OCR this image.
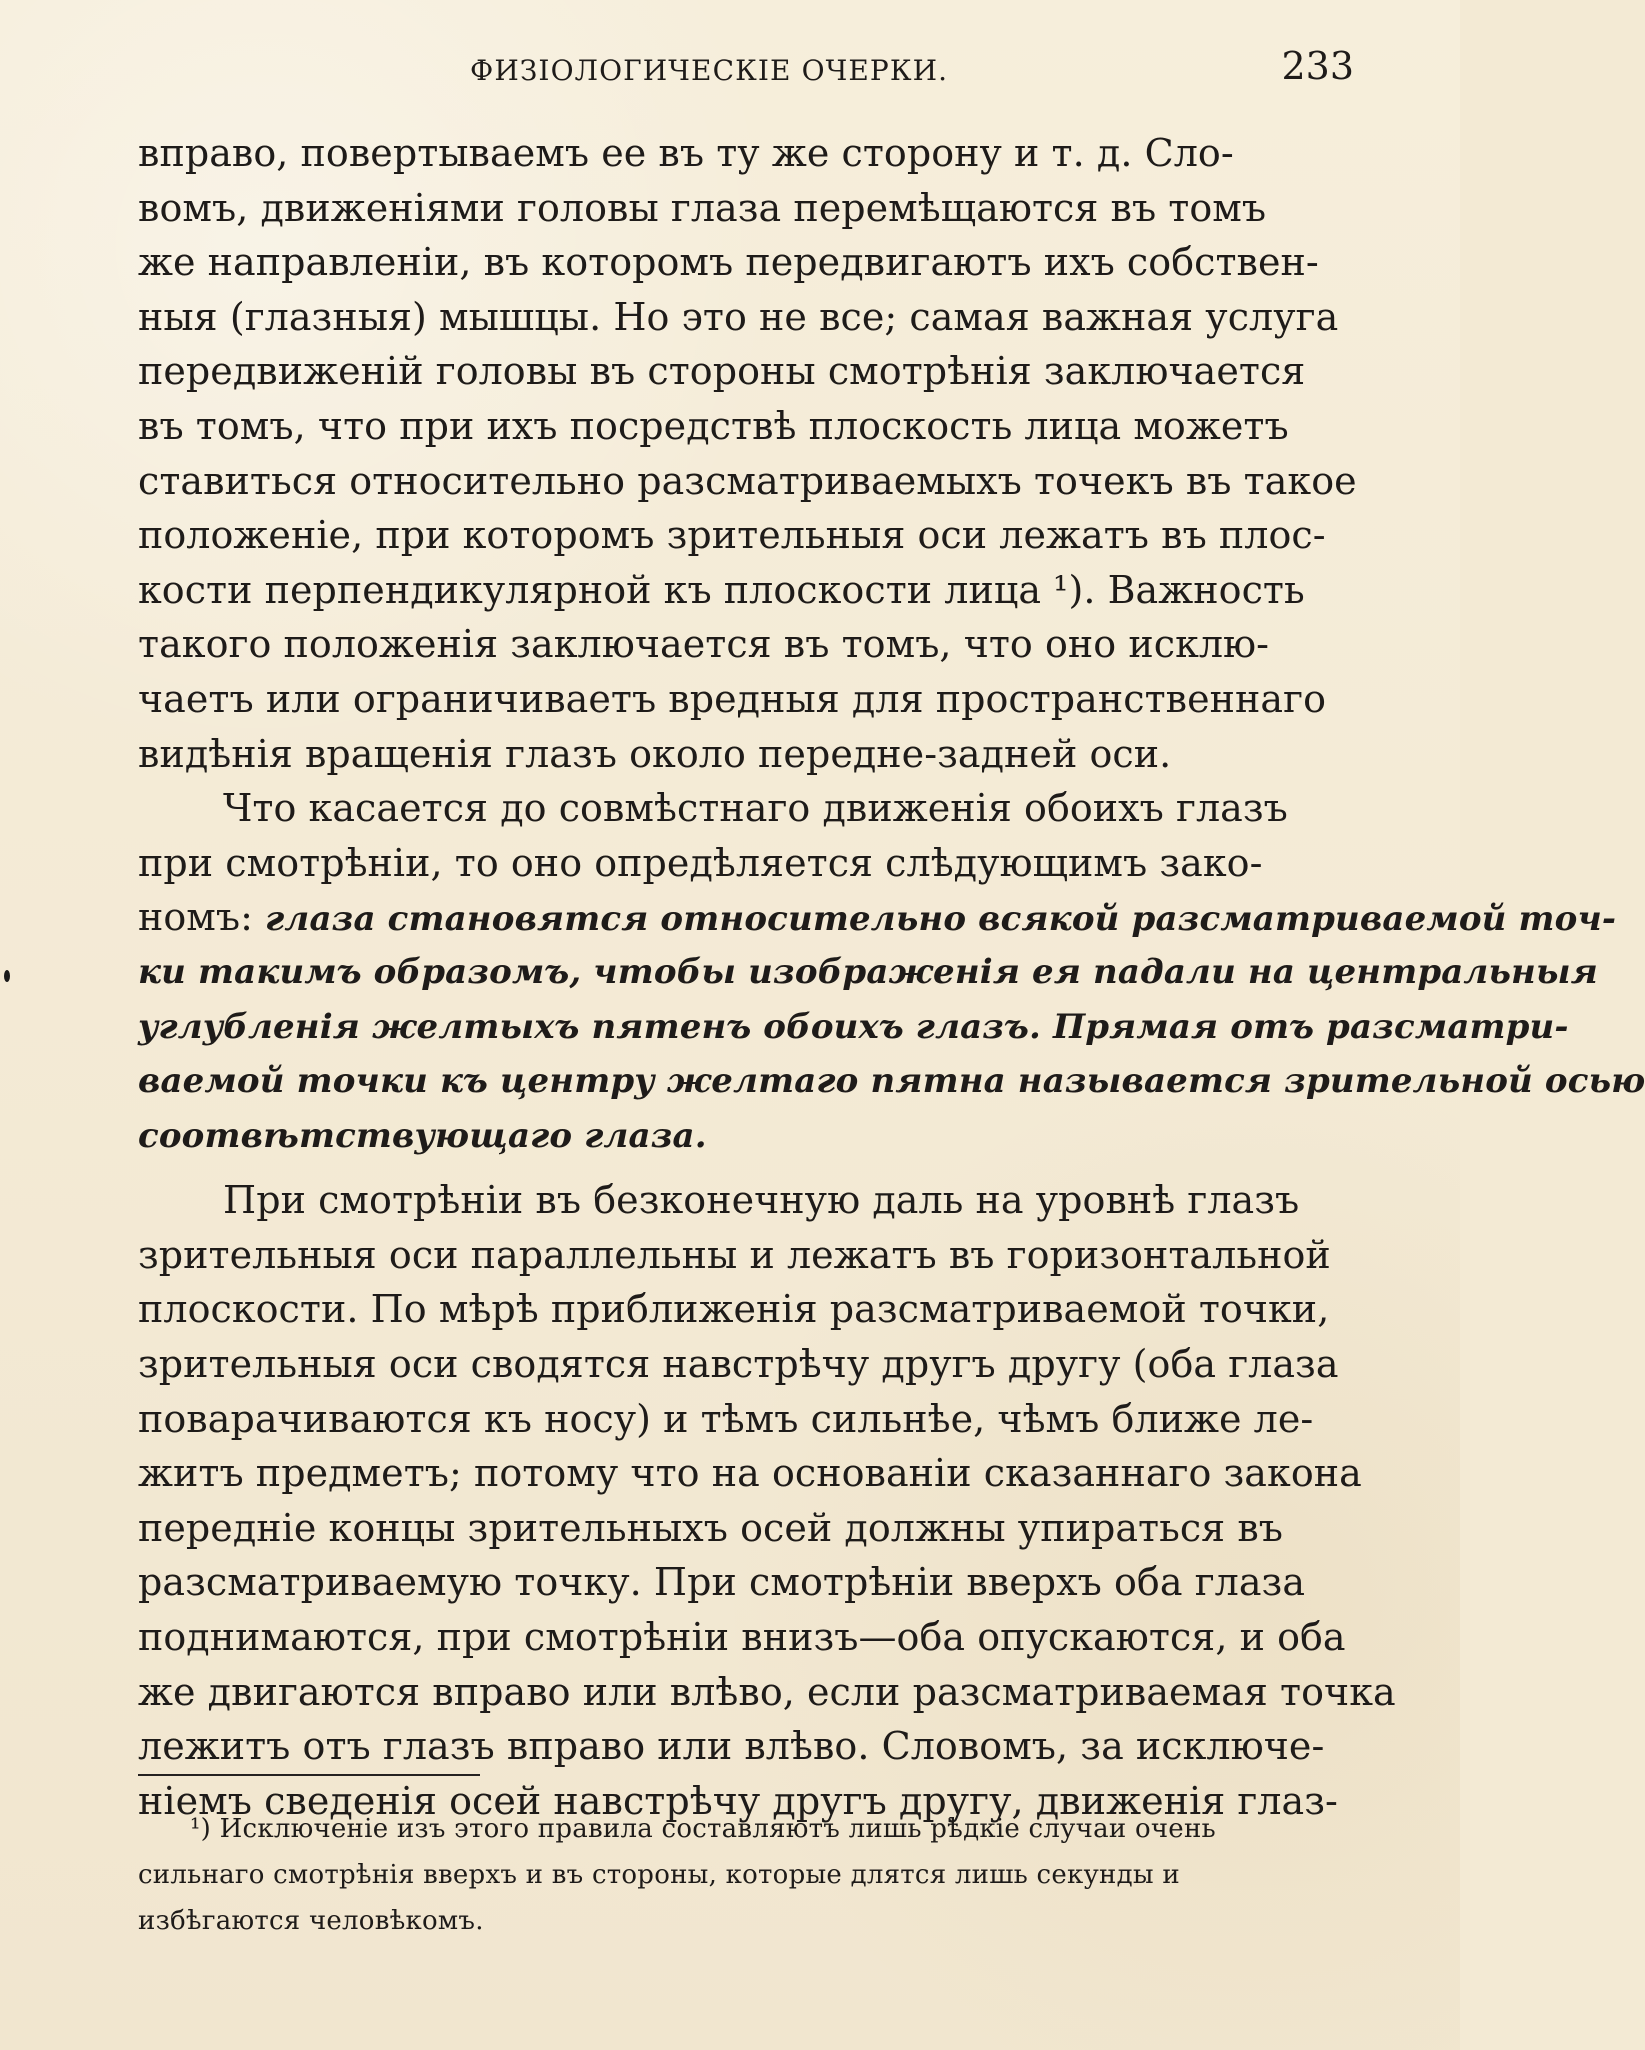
ФИЗІОЛОГИЧЕСКІЕ ОЧЕРКИ.	233
вправо, повертываемъ ее въ ту же сторону и т. д. Сло-
вомъ, движеніями головы глаза перемѣщаются въ томъ
же направленіи, въ которомъ передвигаютъ ихъ собствен-
ныя (глазныя) мышцы. Но это не все; самая важная услуга
передвиженій головы въ стороны смотрѣнія заключается
въ томъ, что при ихъ посредствѣ плоскость лица можетъ
ставиться относительно разсматриваемыхъ точекъ въ такое
положеніе, при которомъ зрительныя оси лежатъ въ плос-
кости перпендикулярной къ плоскости лица ¹). Важность
такого положенія заключается въ томъ, что оно исклю-
чаетъ или ограничиваетъ вредныя для пространственнаго
видѣнія вращенія глазъ около передне-задней оси.
Что касается до совмѣстнаго движенія обоихъ глазъ
при смотрѣніи, то оно опредѣляется слѣдующимъ зако-
номъ: глаза становятся относительно всякой разсматриваемой точ-
ки такимъ образомъ, чтобы изображенія ея падали на центральныя
углубленія желтыхъ пятенъ обоихъ глазъ. Прямая отъ разсматри-
ваемой точки къ центру желтаго пятна называется зрительной осью
соотвѣтствующаго глаза.
При смотрѣніи въ безконечную даль на уровнѣ глазъ
зрительныя оси параллельны и лежатъ въ горизонтальной
плоскости. По мѣрѣ приближенія разсматриваемой точки,
зрительныя оси сводятся навстрѣчу другъ другу (оба глаза
поварачиваются къ носу) и тѣмъ сильнѣе, чѣмъ ближе ле-
житъ предметъ; потому что на основаніи сказаннаго закона
передніе концы зрительныхъ осей должны упираться въ
разсматриваемую точку. При смотрѣніи вверхъ оба глаза
поднимаются, при смотрѣніи внизъ—оба опускаются, и оба
же двигаются вправо или влѣво, если разсматриваемая точка
лежитъ отъ глазъ вправо или влѣво. Словомъ, за исключе-
ніемъ сведенія осей навстрѣчу другъ другу, движенія глаз-
¹) Исключеніе изъ этого правила составляютъ лишь рѣдкіе случаи очень
сильнаго смотрѣнія вверхъ и въ стороны, которые длятся лишь секунды и
избѣгаются человѣкомъ.
